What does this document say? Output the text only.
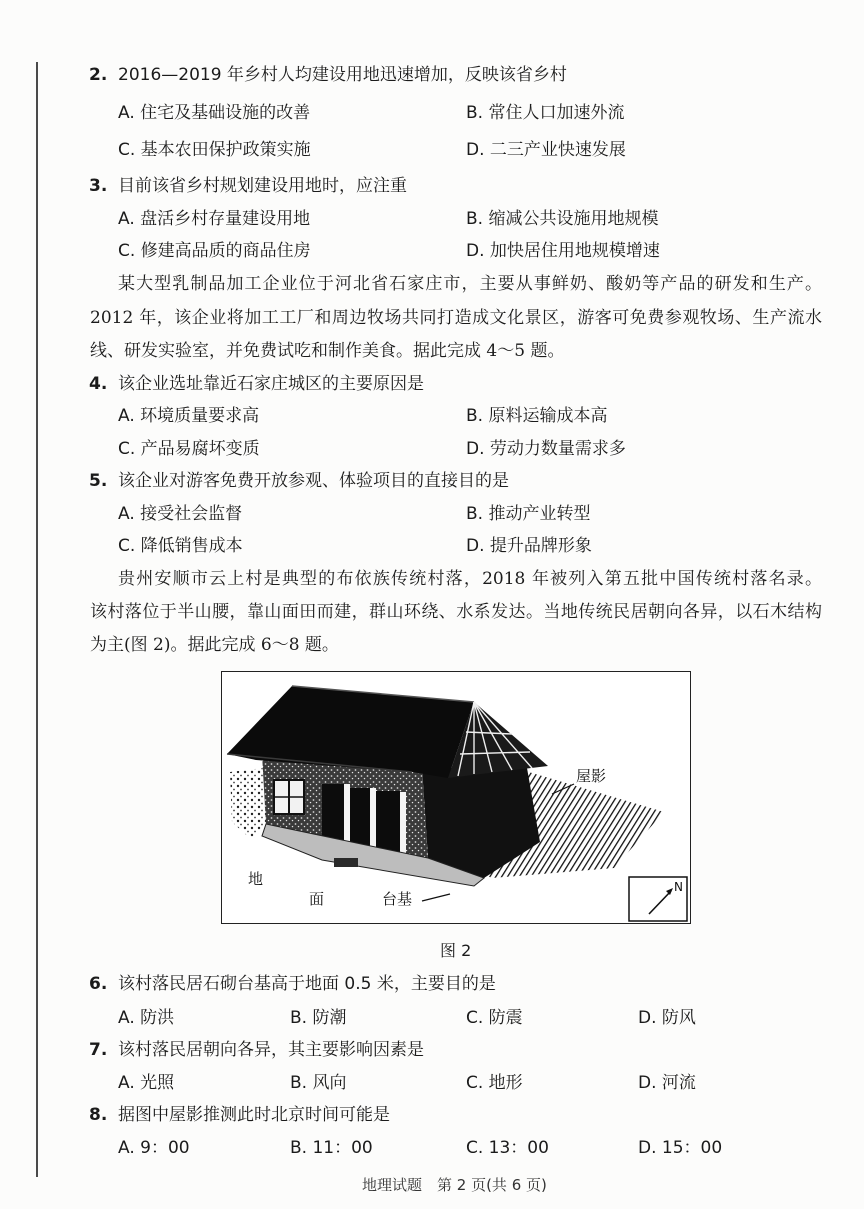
2. 2016—2019 年乡村人均建设用地迅速增加，反映该省乡村
A. 住宅及基础设施的改善	B. 常住人口加速外流
C. 基本农田保护政策实施	D. 二三产业快速发展
3. 目前该省乡村规划建设用地时，应注重
A. 盘活乡村存量建设用地	B. 缩减公共设施用地规模
C. 修建高品质的商品住房	D. 加快居住用地规模增速
某大型乳制品加工企业位于河北省石家庄市，主要从事鲜奶、酸奶等产品的研发和生产。
2012 年，该企业将加工工厂和周边牧场共同打造成文化景区，游客可免费参观牧场、生产流水
线、研发实验室，并免费试吃和制作美食。据此完成 4～5 题。
4. 该企业选址靠近石家庄城区的主要原因是
A. 环境质量要求高	B. 原料运输成本高
C. 产品易腐坏变质	D. 劳动力数量需求多
5. 该企业对游客免费开放参观、体验项目的直接目的是
A. 接受社会监督	B. 推动产业转型
C. 降低销售成本	D. 提升品牌形象
贵州安顺市云上村是典型的布依族传统村落，2018 年被列入第五批中国传统村落名录。
该村落位于半山腰，靠山面田而建，群山环绕、水系发达。当地传统民居朝向各异，以石木结构
为主(图 2)。据此完成 6～8 题。
屋影
地
面	台基
N
图 2
6. 该村落民居石砌台基高于地面 0.5 米，主要目的是
A. 防洪	B. 防潮	C. 防震	D. 防风
7. 该村落民居朝向各异，其主要影响因素是
A. 光照	B. 风向	C. 地形	D. 河流
8. 据图中屋影推测此时北京时间可能是
A. 9：00	B. 11：00	C. 13：00	D. 15：00
地理试题　第 2 页(共 6 页)
